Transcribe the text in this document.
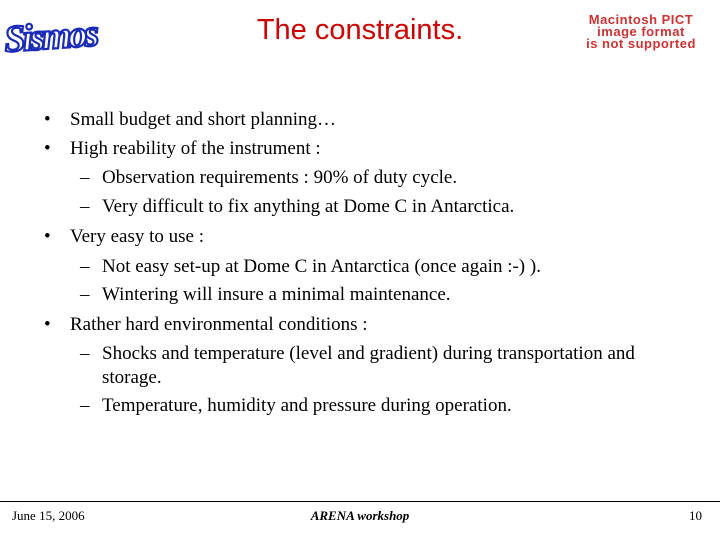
Sismos	The constraints.	Macintosh PICT
image format
is not supported
• Small budget and short planning…
• High reability of the instrument :
– Observation requirements : 90% of duty cycle.
– Very difficult to fix anything at Dome C in Antarctica.
• Very easy to use :
– Not easy set-up at Dome C in Antarctica (once again :-) ).
– Wintering will insure a minimal maintenance.
• Rather hard environmental conditions :
– Shocks and temperature (level and gradient) during transportation and
storage.
– Temperature, humidity and pressure during operation.
June 15, 2006	ARENA workshop	10
